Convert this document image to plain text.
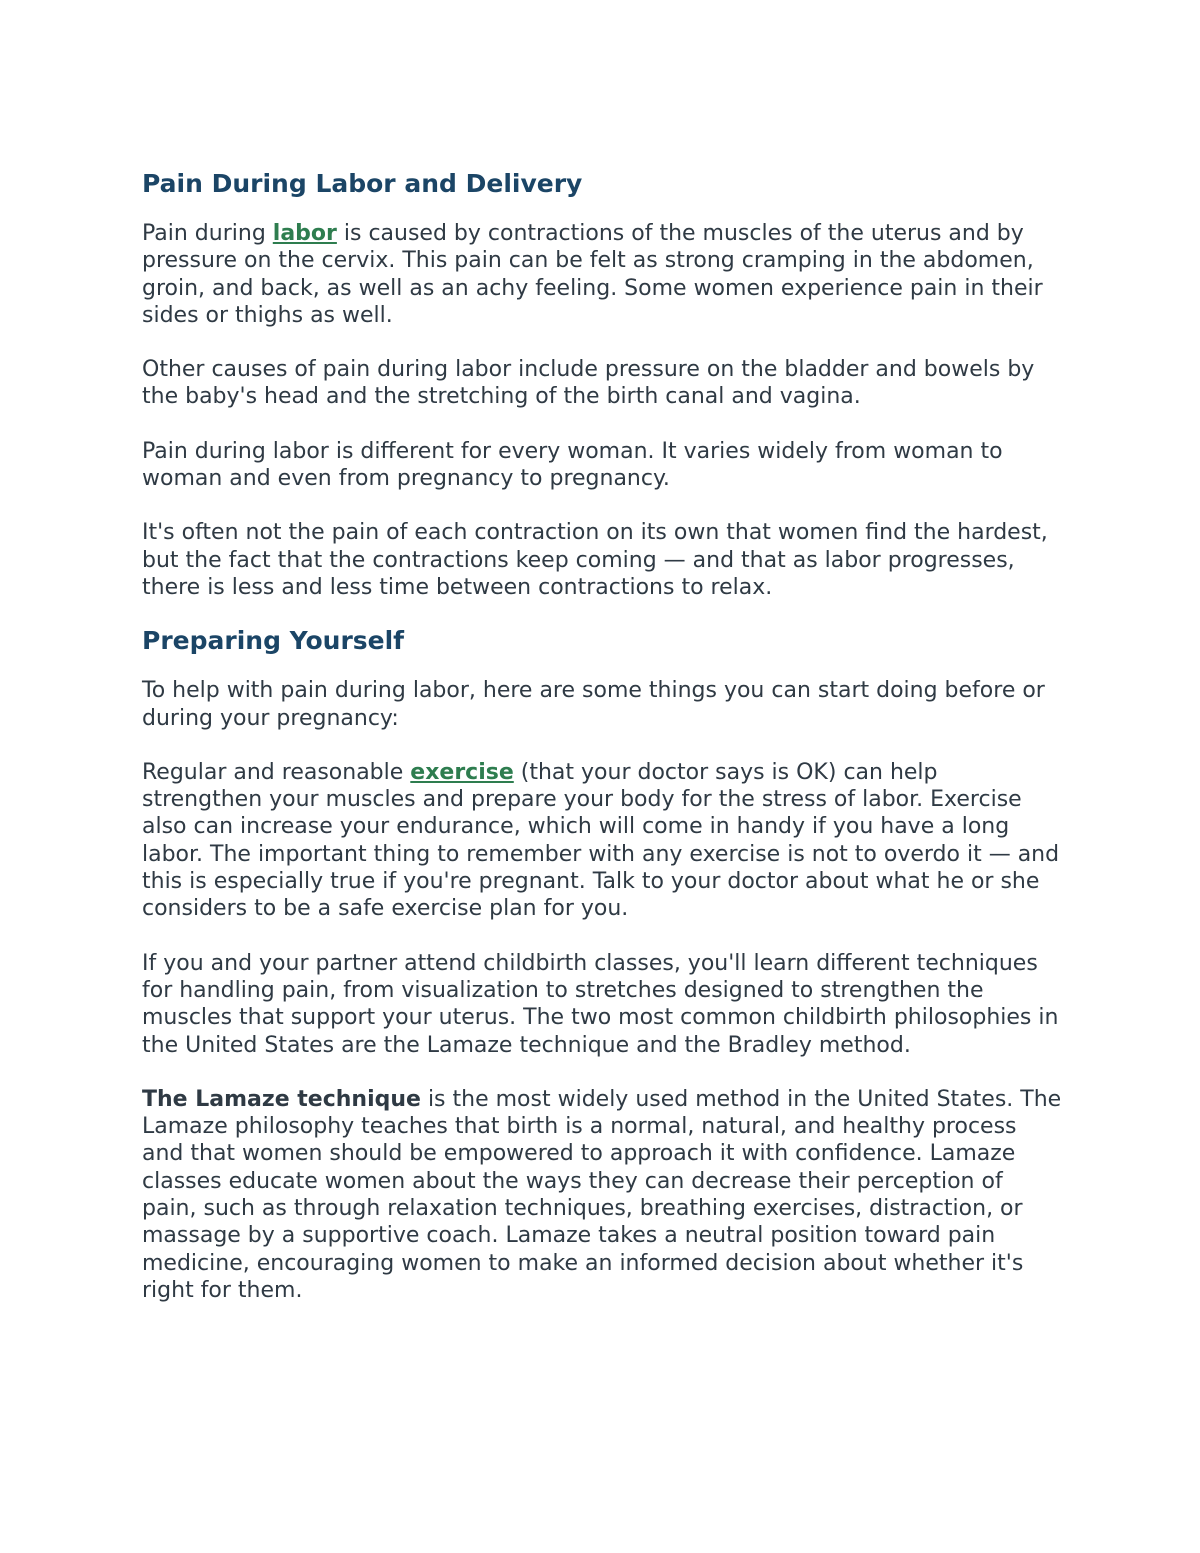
Pain During Labor and Delivery

Pain during labor is caused by contractions of the muscles of the uterus and by pressure on the cervix. This pain can be felt as strong cramping in the abdomen, groin, and back, as well as an achy feeling. Some women experience pain in their sides or thighs as well.

Other causes of pain during labor include pressure on the bladder and bowels by the baby's head and the stretching of the birth canal and vagina.

Pain during labor is different for every woman. It varies widely from woman to woman and even from pregnancy to pregnancy.

It's often not the pain of each contraction on its own that women find the hardest, but the fact that the contractions keep coming — and that as labor progresses, there is less and less time between contractions to relax.

Preparing Yourself

To help with pain during labor, here are some things you can start doing before or during your pregnancy:

Regular and reasonable exercise (that your doctor says is OK) can help strengthen your muscles and prepare your body for the stress of labor. Exercise also can increase your endurance, which will come in handy if you have a long labor. The important thing to remember with any exercise is not to overdo it — and this is especially true if you're pregnant. Talk to your doctor about what he or she considers to be a safe exercise plan for you.

If you and your partner attend childbirth classes, you'll learn different techniques for handling pain, from visualization to stretches designed to strengthen the muscles that support your uterus. The two most common childbirth philosophies in the United States are the Lamaze technique and the Bradley method.

The Lamaze technique is the most widely used method in the United States. The Lamaze philosophy teaches that birth is a normal, natural, and healthy process and that women should be empowered to approach it with confidence. Lamaze classes educate women about the ways they can decrease their perception of pain, such as through relaxation techniques, breathing exercises, distraction, or massage by a supportive coach. Lamaze takes a neutral position toward pain medicine, encouraging women to make an informed decision about whether it's right for them.
